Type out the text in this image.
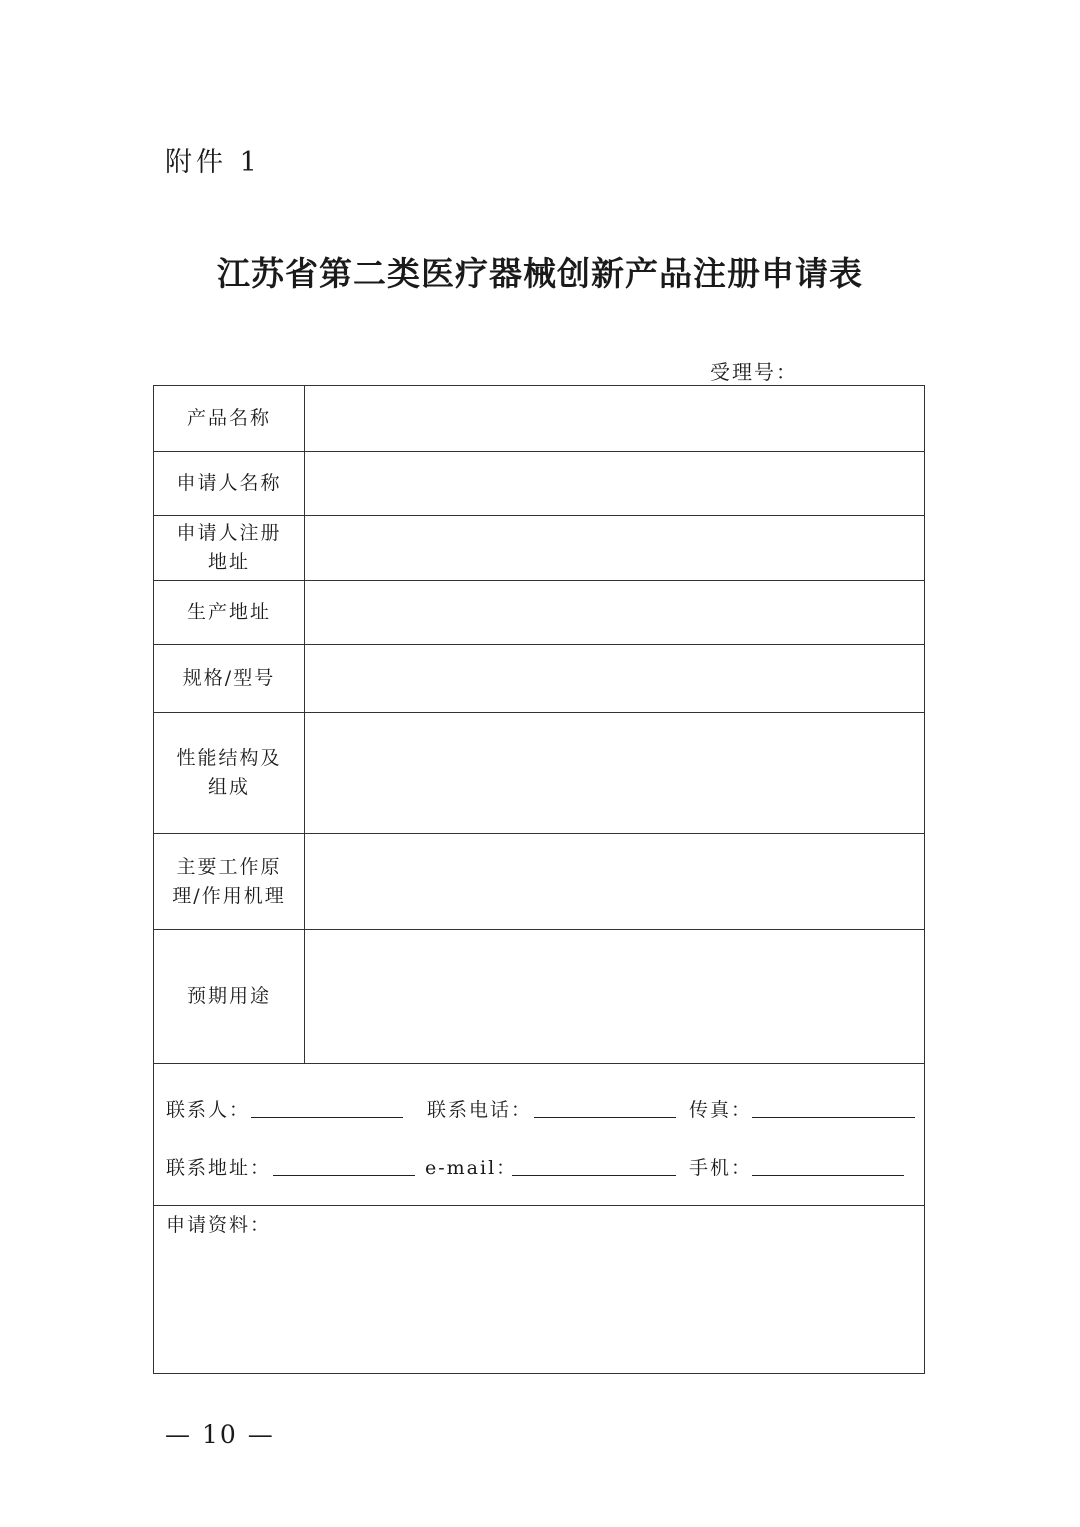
附件 1
江苏省第二类医疗器械创新产品注册申请表
受理号：
产品名称
申请人名称
申请人注册地址
生产地址
规格/型号
性能结构及组成
主要工作原理/作用机理
预期用途
联系人：	联系电话：	传真：
联系地址：	e-mail：	手机：
申请资料：
— 10 —
